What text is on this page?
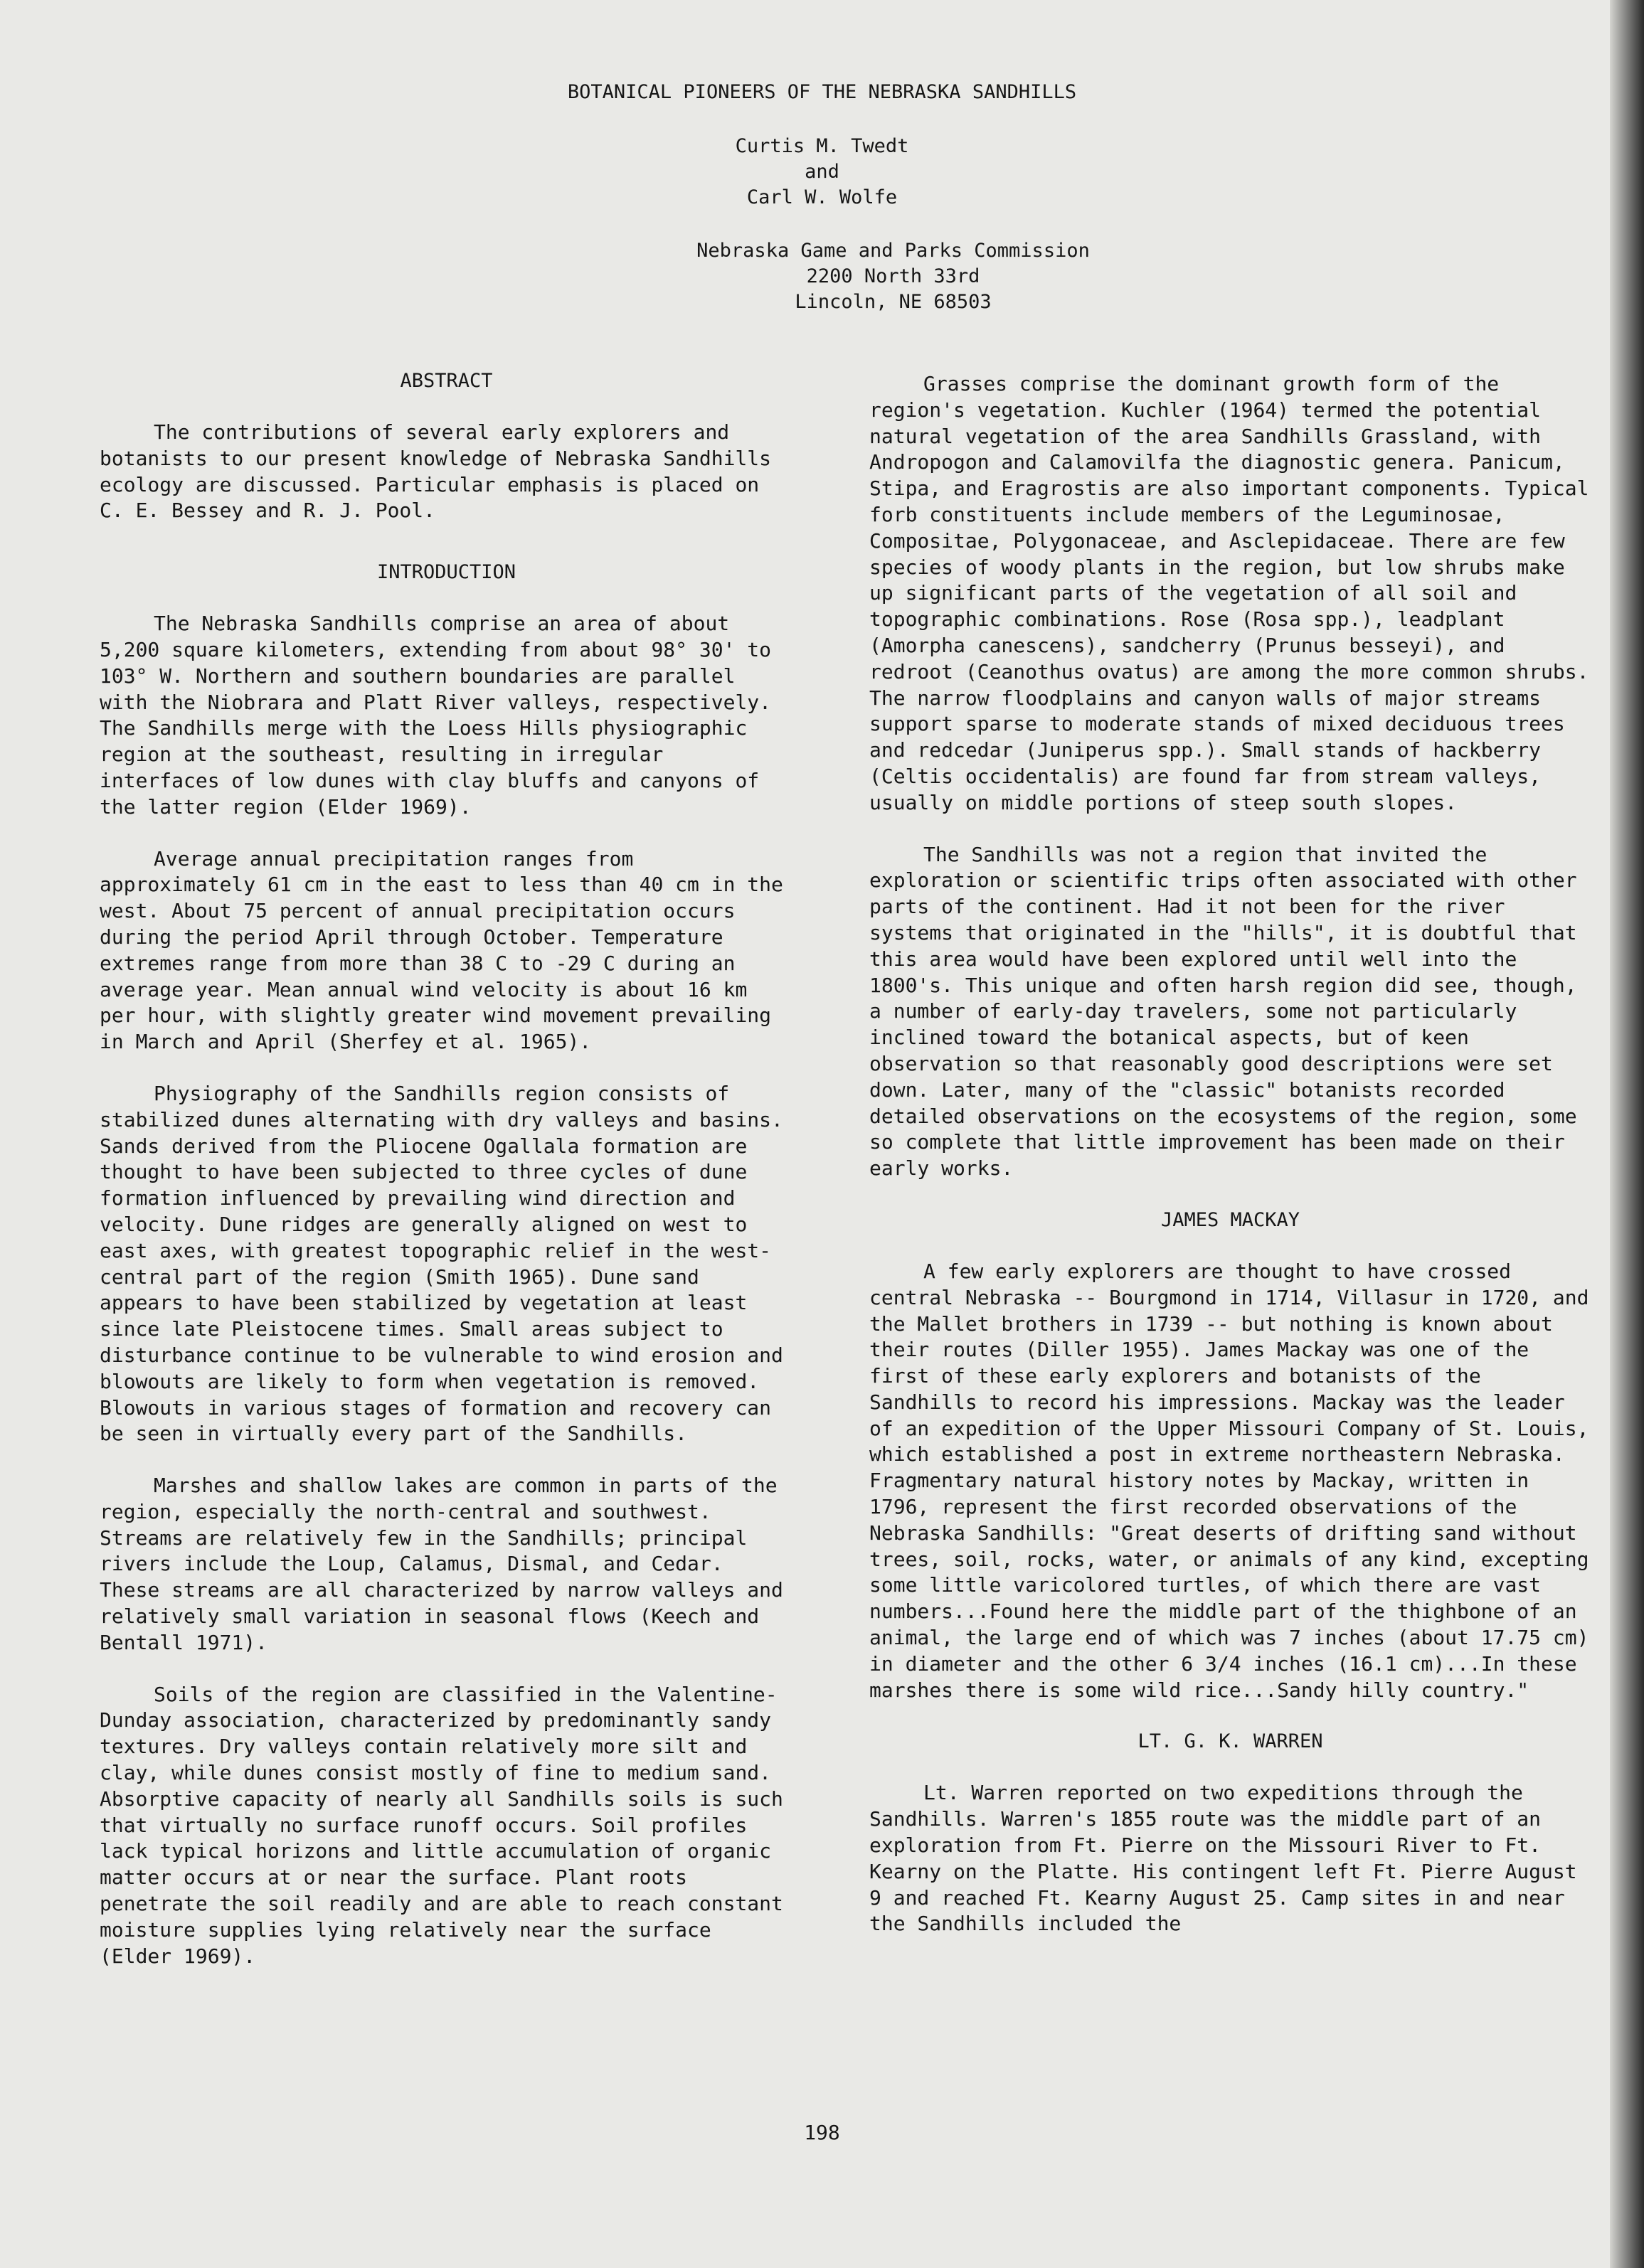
BOTANICAL PIONEERS OF THE NEBRASKA SANDHILLS
Curtis M. Twedt
and
Carl W. Wolfe
Nebraska Game and Parks Commission
2200 North 33rd
Lincoln, NE 68503
ABSTRACT

The contributions of several early explorers and botanists to our present knowledge of Nebraska Sandhills ecology are discussed. Particular emphasis is placed on C. E. Bessey and R. J. Pool.

INTRODUCTION

The Nebraska Sandhills comprise an area of about 5,200 square kilometers, extending from about 98° 30' to 103° W. Northern and southern boundaries are parallel with the Niobrara and Platt River valleys, respectively. The Sandhills merge with the Loess Hills physiographic region at the southeast, resulting in irregular interfaces of low dunes with clay bluffs and canyons of the latter region (Elder 1969).

Average annual precipitation ranges from approximately 61 cm in the east to less than 40 cm in the west. About 75 percent of annual precipitation occurs during the period April through October. Temperature extremes range from more than 38 C to -29 C during an average year. Mean annual wind velocity is about 16 km per hour, with slightly greater wind movement prevailing in March and April (Sherfey et al. 1965).

Physiography of the Sandhills region consists of stabilized dunes alternating with dry valleys and basins. Sands derived from the Pliocene Ogallala formation are thought to have been subjected to three cycles of dune formation influenced by prevailing wind direction and velocity. Dune ridges are generally aligned on west to east axes, with greatest topographic relief in the west-central part of the region (Smith 1965). Dune sand appears to have been stabilized by vegetation at least since late Pleistocene times. Small areas subject to disturbance continue to be vulnerable to wind erosion and blowouts are likely to form when vegetation is removed. Blowouts in various stages of formation and recovery can be seen in virtually every part of the Sandhills.

Marshes and shallow lakes are common in parts of the region, especially the north-central and southwest. Streams are relatively few in the Sandhills; principal rivers include the Loup, Calamus, Dismal, and Cedar. These streams are all characterized by narrow valleys and relatively small variation in seasonal flows (Keech and Bentall 1971).

Soils of the region are classified in the Valentine-Dunday association, characterized by predominantly sandy textures. Dry valleys contain relatively more silt and clay, while dunes consist mostly of fine to medium sand. Absorptive capacity of nearly all Sandhills soils is such that virtually no surface runoff occurs. Soil profiles lack typical horizons and little accumulation of organic matter occurs at or near the surface. Plant roots penetrate the soil readily and are able to reach constant moisture supplies lying relatively near the surface (Elder 1969).

Grasses comprise the dominant growth form of the region's vegetation. Kuchler (1964) termed the potential natural vegetation of the area Sandhills Grassland, with Andropogon and Calamovilfa the diagnostic genera. Panicum, Stipa, and Eragrostis are also important components. Typical forb constituents include members of the Leguminosae, Compositae, Polygonaceae, and Asclepidaceae. There are few species of woody plants in the region, but low shrubs make up significant parts of the vegetation of all soil and topographic combinations. Rose (Rosa spp.), leadplant (Amorpha canescens), sandcherry (Prunus besseyi), and redroot (Ceanothus ovatus) are among the more common shrubs. The narrow floodplains and canyon walls of major streams support sparse to moderate stands of mixed deciduous trees and redcedar (Juniperus spp.). Small stands of hackberry (Celtis occidentalis) are found far from stream valleys, usually on middle portions of steep south slopes.

The Sandhills was not a region that invited the exploration or scientific trips often associated with other parts of the continent. Had it not been for the river systems that originated in the "hills", it is doubtful that this area would have been explored until well into the 1800's. This unique and often harsh region did see, though, a number of early-day travelers, some not particularly inclined toward the botanical aspects, but of keen observation so that reasonably good descriptions were set down. Later, many of the "classic" botanists recorded detailed observations on the ecosystems of the region, some so complete that little improvement has been made on their early works.

JAMES MACKAY

A few early explorers are thought to have crossed central Nebraska -- Bourgmond in 1714, Villasur in 1720, and the Mallet brothers in 1739 -- but nothing is known about their routes (Diller 1955). James Mackay was one of the first of these early explorers and botanists of the Sandhills to record his impressions. Mackay was the leader of an expedition of the Upper Missouri Company of St. Louis, which established a post in extreme northeastern Nebraska. Fragmentary natural history notes by Mackay, written in 1796, represent the first recorded observations of the Nebraska Sandhills: "Great deserts of drifting sand without trees, soil, rocks, water, or animals of any kind, excepting some little varicolored turtles, of which there are vast numbers...Found here the middle part of the thighbone of an animal, the large end of which was 7 inches (about 17.75 cm) in diameter and the other 6 3/4 inches (16.1 cm)...In these marshes there is some wild rice...Sandy hilly country."

LT. G. K. WARREN

Lt. Warren reported on two expeditions through the Sandhills. Warren's 1855 route was the middle part of an exploration from Ft. Pierre on the Missouri River to Ft. Kearny on the Platte. His contingent left Ft. Pierre August 9 and reached Ft. Kearny August 25. Camp sites in and near the Sandhills included the

198
